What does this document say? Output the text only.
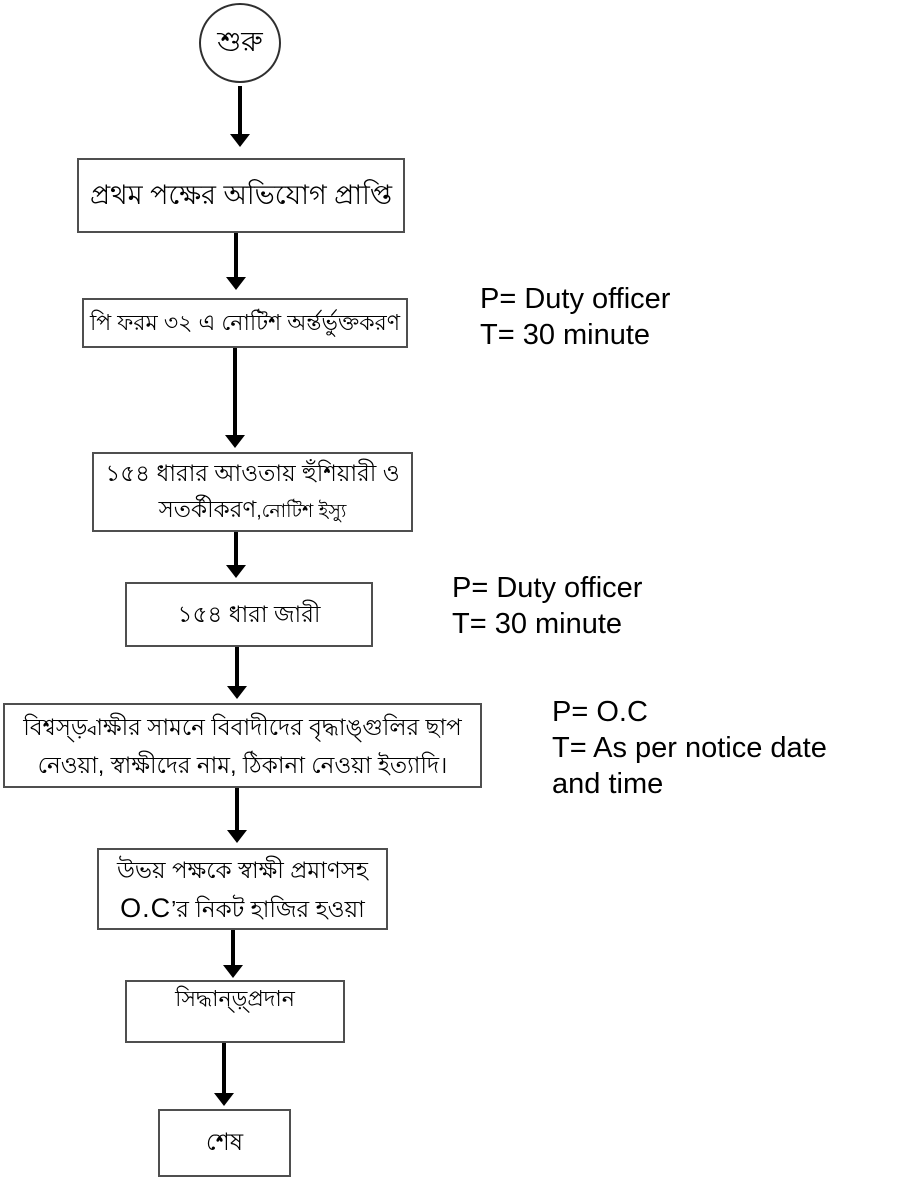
শুরু
প্রথম পক্ষের অভিযোগ প্রাপ্তি
পি ফরম ৩২ এ নোটিশ অর্ন্তর্ভুক্তকরণ
P= Duty officer
T= 30 minute
১৫৪ ধারার আওতায় হুঁশিয়ারী ও
সতর্কীকরণ,নোটিশ ইস্যু
১৫৪ ধারা জারী
P= Duty officer
T= 30 minute
বিশ্বস্ড়্বাক্ষীর সামনে বিবাদীদের বৃদ্ধাঙ্গুলির ছাপ
নেওয়া, স্বাক্ষীদের নাম, ঠিকানা নেওয়া ইত্যাদি।
P= O.C
T= As per notice date
and time
উভয় পক্ষকে স্বাক্ষী প্রমাণসহ
O.C’র নিকট হাজির হওয়া
সিদ্ধান্ড়্প্রদান
শেষ
